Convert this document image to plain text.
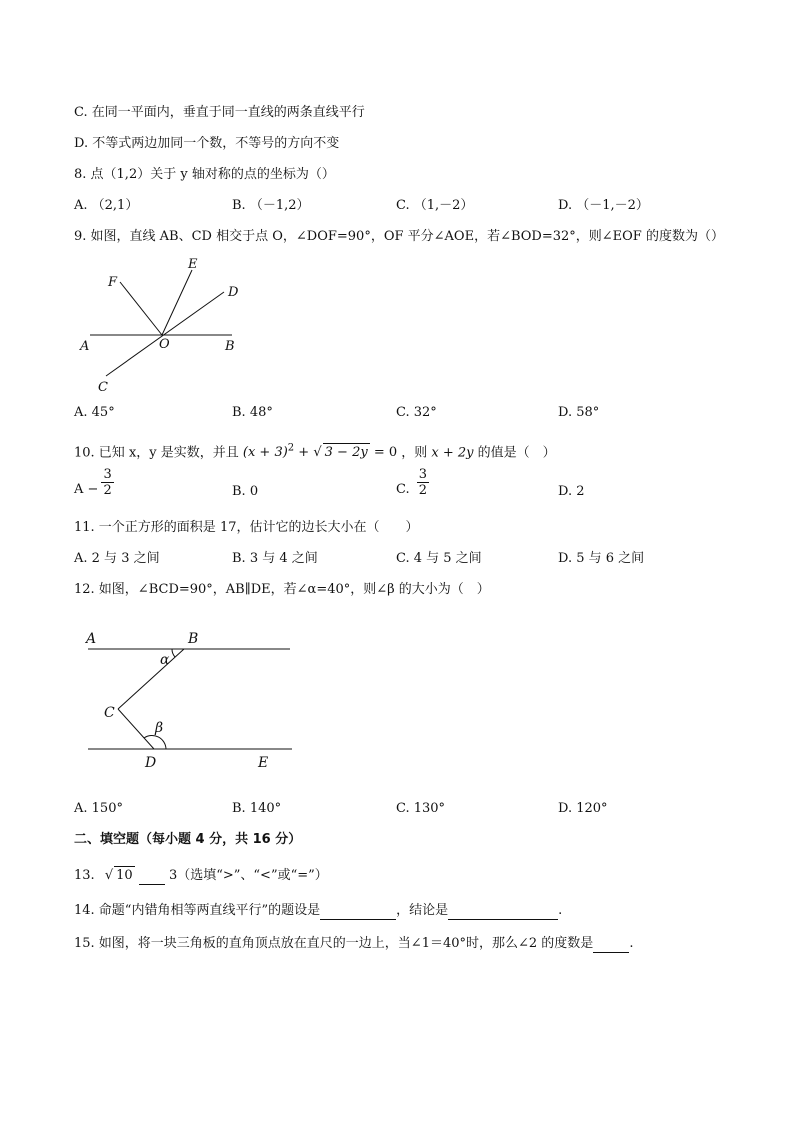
C. 在同一平面内，垂直于同一直线的两条直线平行
D. 不等式两边加同一个数，不等号的方向不变
8. 点（1,2）关于 y 轴对称的点的坐标为（）
A. （2,1）	B. （－1,2）	C. （1,－2）	D. （－1,－2）
9. 如图，直线 AB、CD 相交于点 O，∠DOF=90°，OF 平分∠AOE，若∠BOD=32°，则∠EOF 的度数为（）
F
E
D
A	O	B
C
A. 45°	B. 48°	C. 32°	D. 58°
10. 已知 x，y 是实数，并且 $(x + 3)^2$ + √ 3 − 2y = 0 ，则 x + 2y 的值是（　）
$A - \frac{3}{2}$	B. 0	C. $\frac{3}{2}$	D. 2
11. 一个正方形的面积是 17，估计它的边长大小在（　　）
A. 2 与 3 之间	B. 3 与 4 之间	C. 4 与 5 之间	D. 5 与 6 之间
12. 如图，∠BCD=90°，AB∥DE，若∠α=40°，则∠β 的大小为（　）
A	B
α
C
β
D	E
A. 150°	B. 140°	C. 130°	D. 120°
二、填空题（每小题 4 分，共 16 分）
13. √ 10	3（选填“>”、“<”或“=”）
14. 命题“内错角相等两直线平行”的题设是	，结论是	.
15. 如图，将一块三角板的直角顶点放在直尺的一边上，当∠1＝40°时，那么∠2 的度数是	.
